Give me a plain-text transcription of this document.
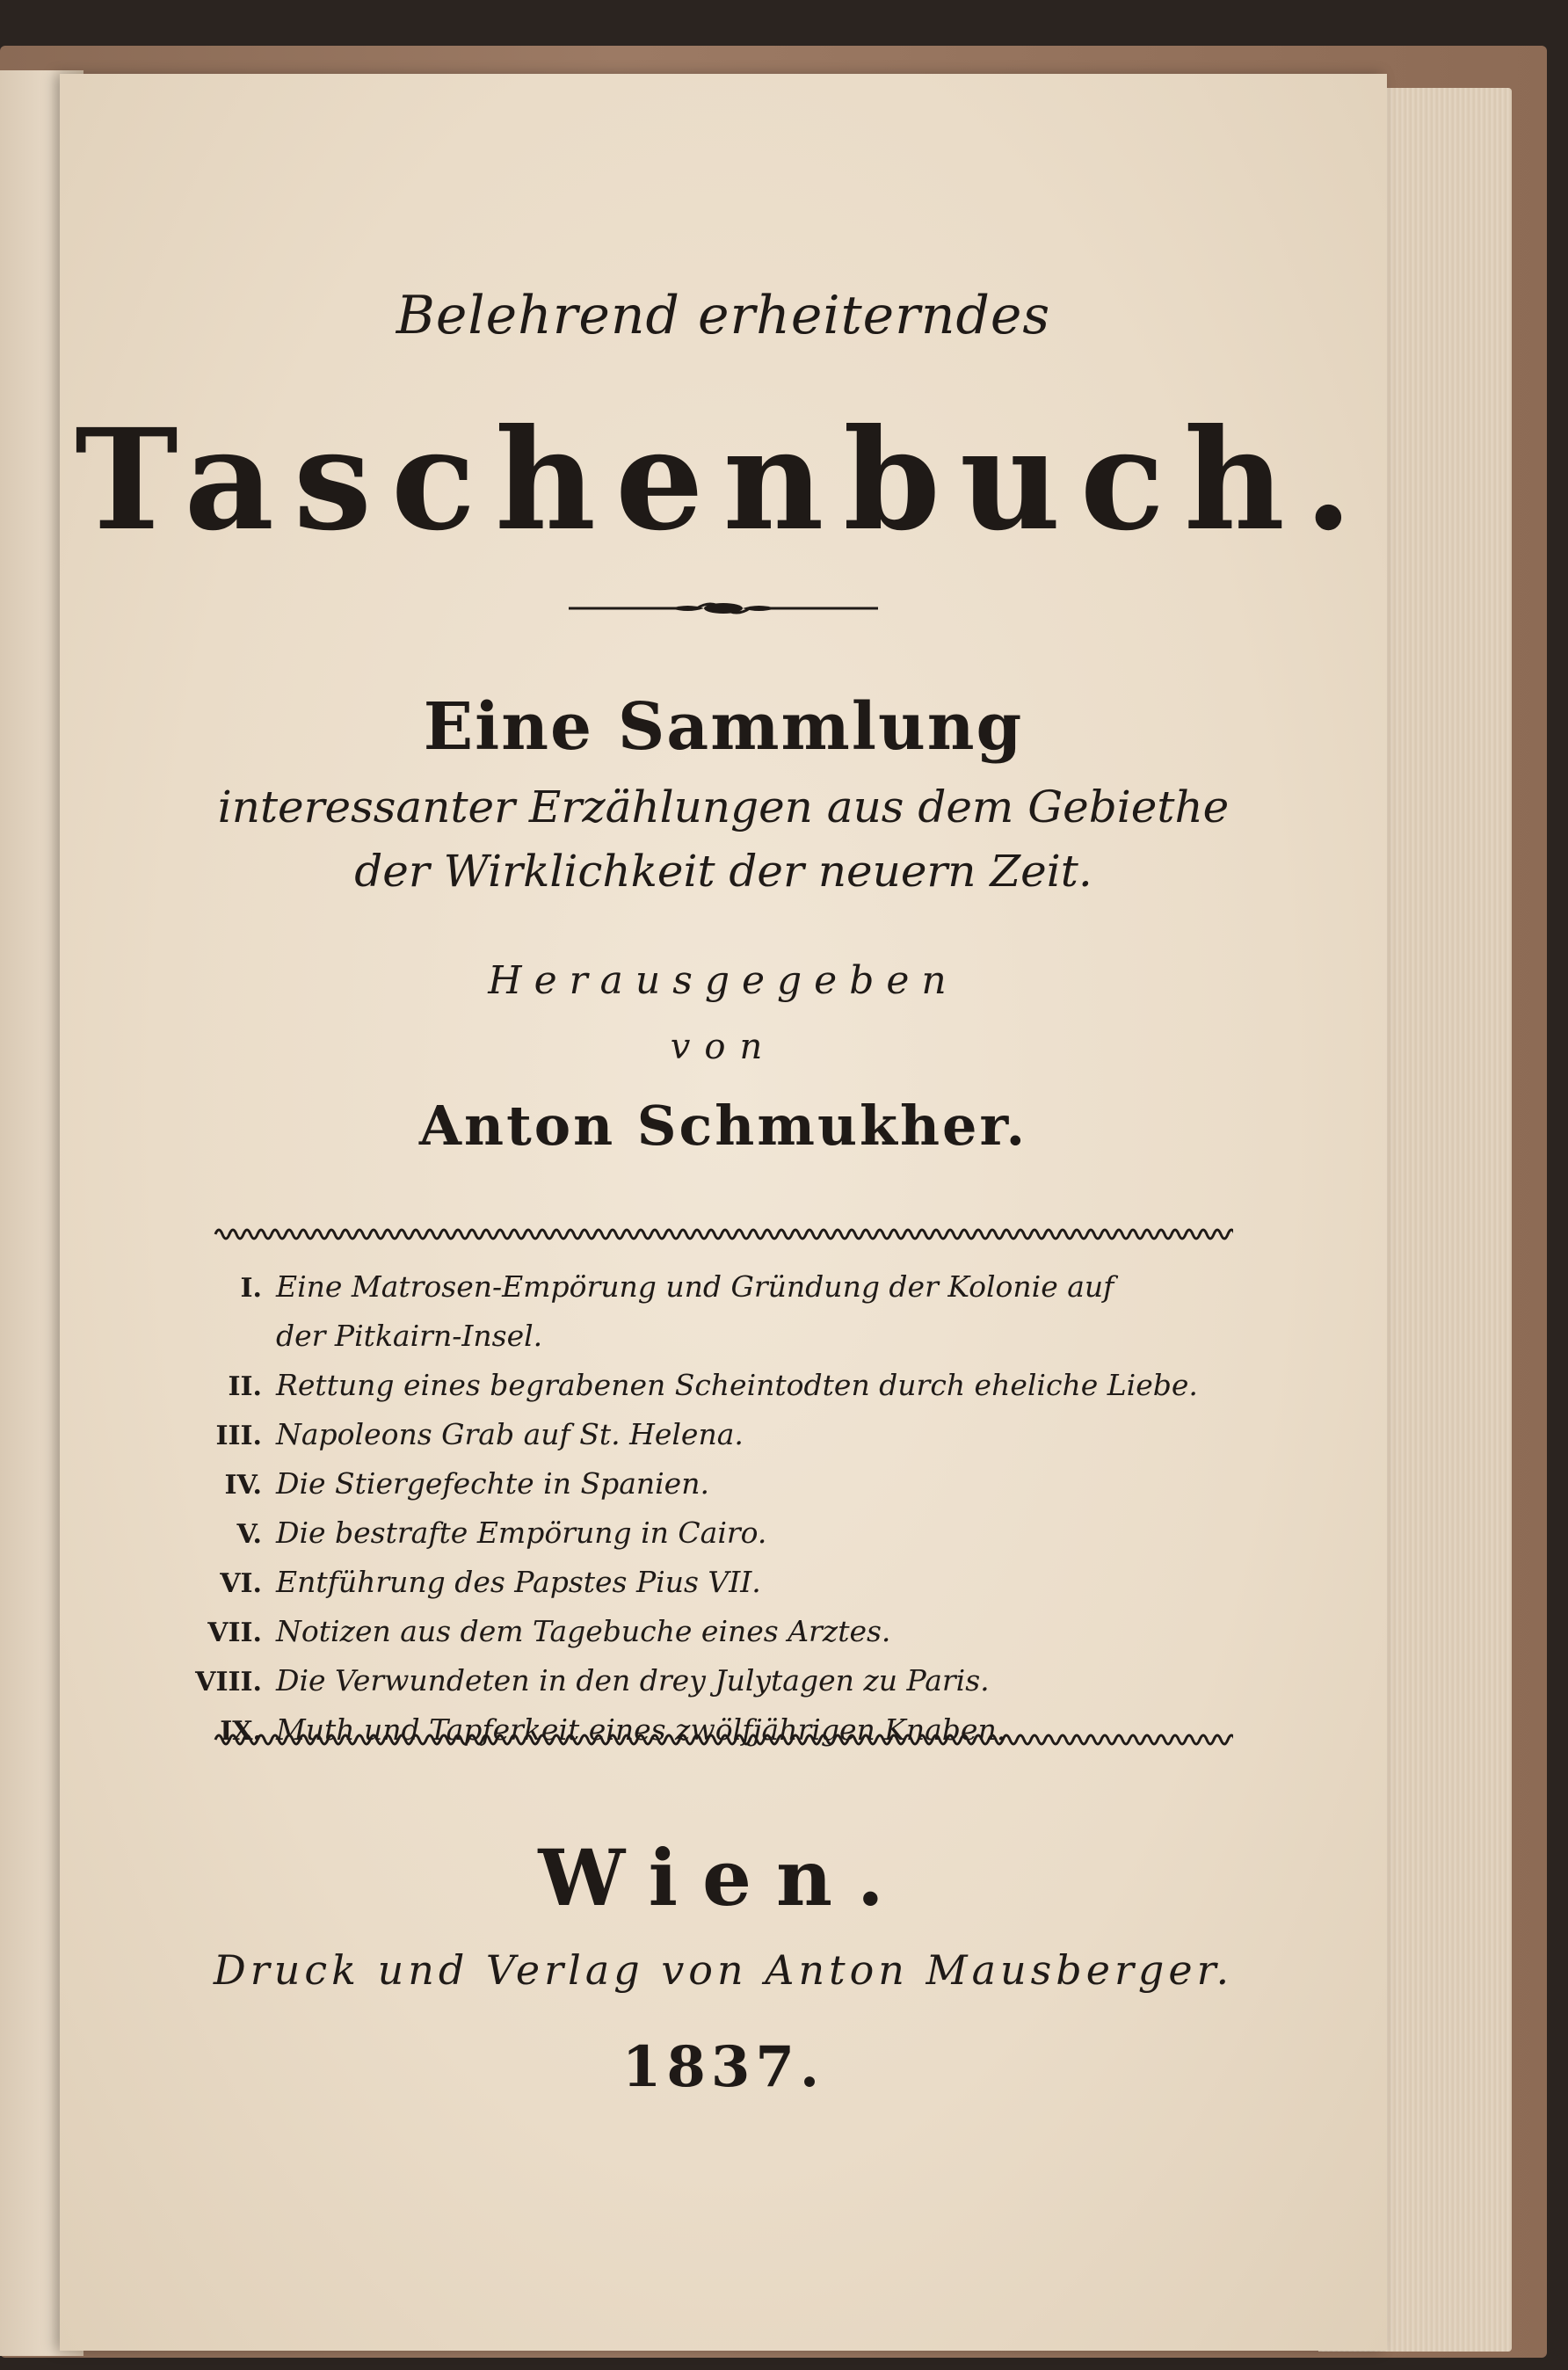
Belehrend erheiterndes
Taschenbuch.
Eine Sammlung
interessanter Erzählungen aus dem Gebiethe
der Wirklichkeit der neuern Zeit.
Herausgegeben
von
Anton Schmukher.
I. Eine Matrosen-Empörung und Gründung der Kolonie auf
der Pitkairn-Insel.
II. Rettung eines begrabenen Scheintodten durch eheliche Liebe.
III. Napoleons Grab auf St. Helena.
IV. Die Stiergefechte in Spanien.
V. Die bestrafte Empörung in Cairo.
VI. Entführung des Papstes Pius VII.
VII. Notizen aus dem Tagebuche eines Arztes.
VIII. Die Verwundeten in den drey Julytagen zu Paris.
IX. Muth und Tapferkeit eines zwölfjährigen Knaben.
Wien.
Druck und Verlag von Anton Mausberger.
1837.
